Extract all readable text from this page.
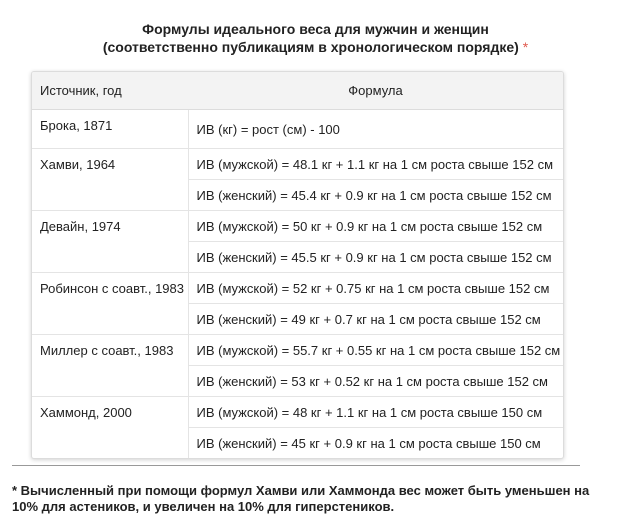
Формулы идеального веса для мужчин и женщин
(соответственно публикациям в хронологическом порядке) *
Источник, год	Формула
Брока, 1871	ИВ (кг) = рост (см) - 100
Хамви, 1964	ИВ (мужской) = 48.1 кг + 1.1 кг на 1 см роста свыше 152 см
	ИВ (женский) = 45.4 кг + 0.9 кг на 1 см роста свыше 152 см
Девайн, 1974	ИВ (мужской) = 50 кг + 0.9 кг на 1 см роста свыше 152 см
	ИВ (женский) = 45.5 кг + 0.9 кг на 1 см роста свыше 152 см
Робинсон с соавт., 1983	ИВ (мужской) = 52 кг + 0.75 кг на 1 см роста свыше 152 см
	ИВ (женский) = 49 кг + 0.7 кг на 1 см роста свыше 152 см
Миллер с соавт., 1983	ИВ (мужской) = 55.7 кг + 0.55 кг на 1 см роста свыше 152 см
	ИВ (женский) = 53 кг + 0.52 кг на 1 см роста свыше 152 см
Хаммонд, 2000	ИВ (мужской) = 48 кг + 1.1 кг на 1 см роста свыше 150 см
	ИВ (женский) = 45 кг + 0.9 кг на 1 см роста свыше 150 см
* Вычисленный при помощи формул Хамви или Хаммонда вес может быть уменьшен на
10% для астеников, и увеличен на 10% для гиперстеников.
